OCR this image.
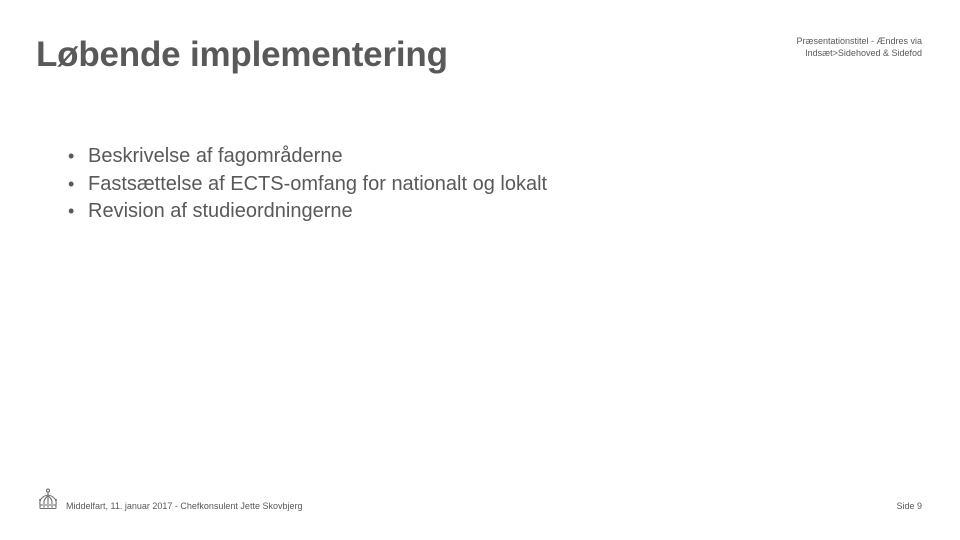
Løbende implementering	Præsentationstitel - Ændres via
Indsæt>Sidehoved & Sidefod
• Beskrivelse af fagområderne
• Fastsættelse af ECTS-omfang for nationalt og lokalt
• Revision af studieordningerne
Middelfart, 11. januar 2017 - Chefkonsulent Jette Skovbjerg	Side 9
